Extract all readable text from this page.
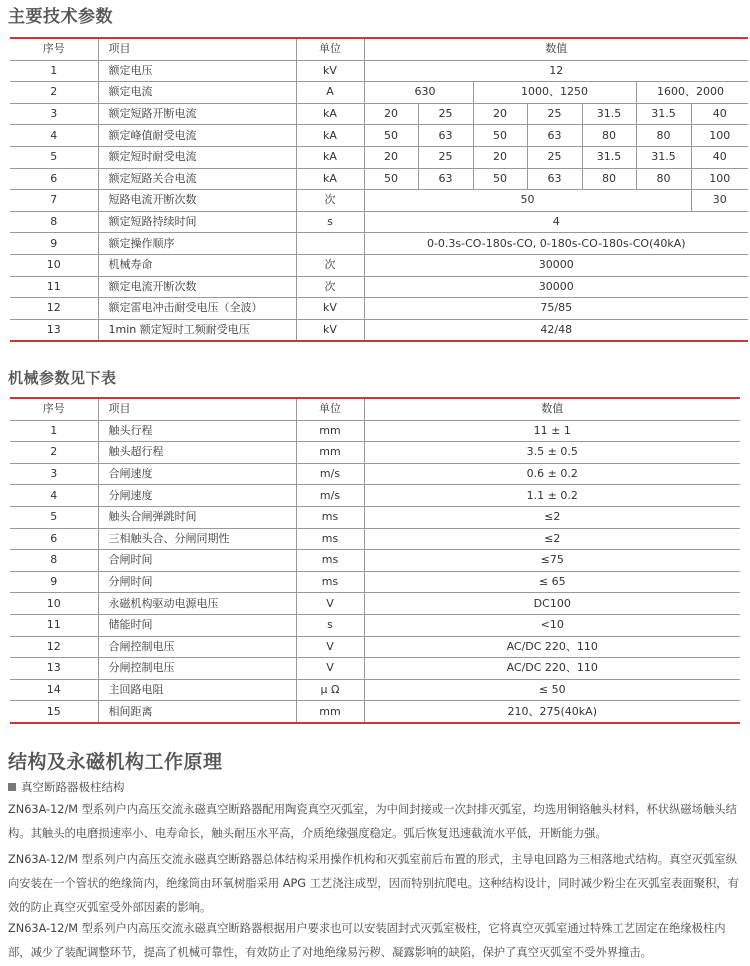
主要技术参数
序号	项目	单位	数值						
1	额定电压	kV	12						
2	额定电流	A	630		1000、1250			1600、2000	
3	额定短路开断电流	kA	20	25	20	25	31.5	31.5	40
4	额定峰值耐受电流	kA	50	63	50	63	80	80	100
5	额定短时耐受电流	kA	20	25	20	25	31.5	31.5	40
6	额定短路关合电流	kA	50	63	50	63	80	80	100
7	短路电流开断次数	次	50						30
8	额定短路持续时间	s	4						
9	额定操作顺序		0-0.3s-CO-180s-CO, 0-180s-CO-180s-CO(40kA)						
10	机械寿命	次	30000						
11	额定电流开断次数	次	30000						
12	额定雷电冲击耐受电压（全波）	kV	75/85						
13	1min 额定短时工频耐受电压	kV	42/48						
机械参数见下表
序号	项目	单位	数值
1	触头行程	mm	11 ± 1
2	触头超行程	mm	3.5 ± 0.5
3	合闸速度	m/s	0.6 ± 0.2
4	分闸速度	m/s	1.1 ± 0.2
5	触头合闸弹跳时间	ms	≤2
6	三相触头合、分闸同期性	ms	≤2
8	合闸时间	ms	≤75
9	分闸时间	ms	≤ 65
10	永磁机构驱动电源电压	V	DC100
11	储能时间	s	<10
12	合闸控制电压	V	AC/DC 220、110
13	分闸控制电压	V	AC/DC 220、110
14	主回路电阻	μ Ω	≤ 50
15	相间距离	mm	210、275(40kA)
结构及永磁机构工作原理
真空断路器极柱结构

ZN63A-12/M 型系列户内高压交流永磁真空断路器配用陶瓷真空灭弧室，为中间封接或一次封排灭弧室，均选用铜铬触头材料，杯状纵磁场触头结构。其触头的电磨损速率小、电寿命长，触头耐压水平高，介质绝缘强度稳定。弧后恢复迅速截流水平低，开断能力强。

ZN63A-12/M 型系列户内高压交流永磁真空断路器总体结构采用操作机构和灭弧室前后布置的形式，主导电回路为三相落地式结构。真空灭弧室纵向安装在一个管状的绝缘筒内，绝缘筒由环氧树脂采用 APG 工艺浇注成型，因而特别抗爬电。这种结构设计，同时减少粉尘在灭弧室表面聚积，有效的防止真空灭弧室受外部因素的影响。

ZN63A-12/M 型系列户内高压交流永磁真空断路器根据用户要求也可以安装固封式灭弧室极柱，它将真空灭弧室通过特殊工艺固定在绝缘极柱内部，减少了装配调整环节，提高了机械可靠性，有效防止了对地绝缘易污秽、凝露影响的缺陷，保护了真空灭弧室不受外界撞击。
